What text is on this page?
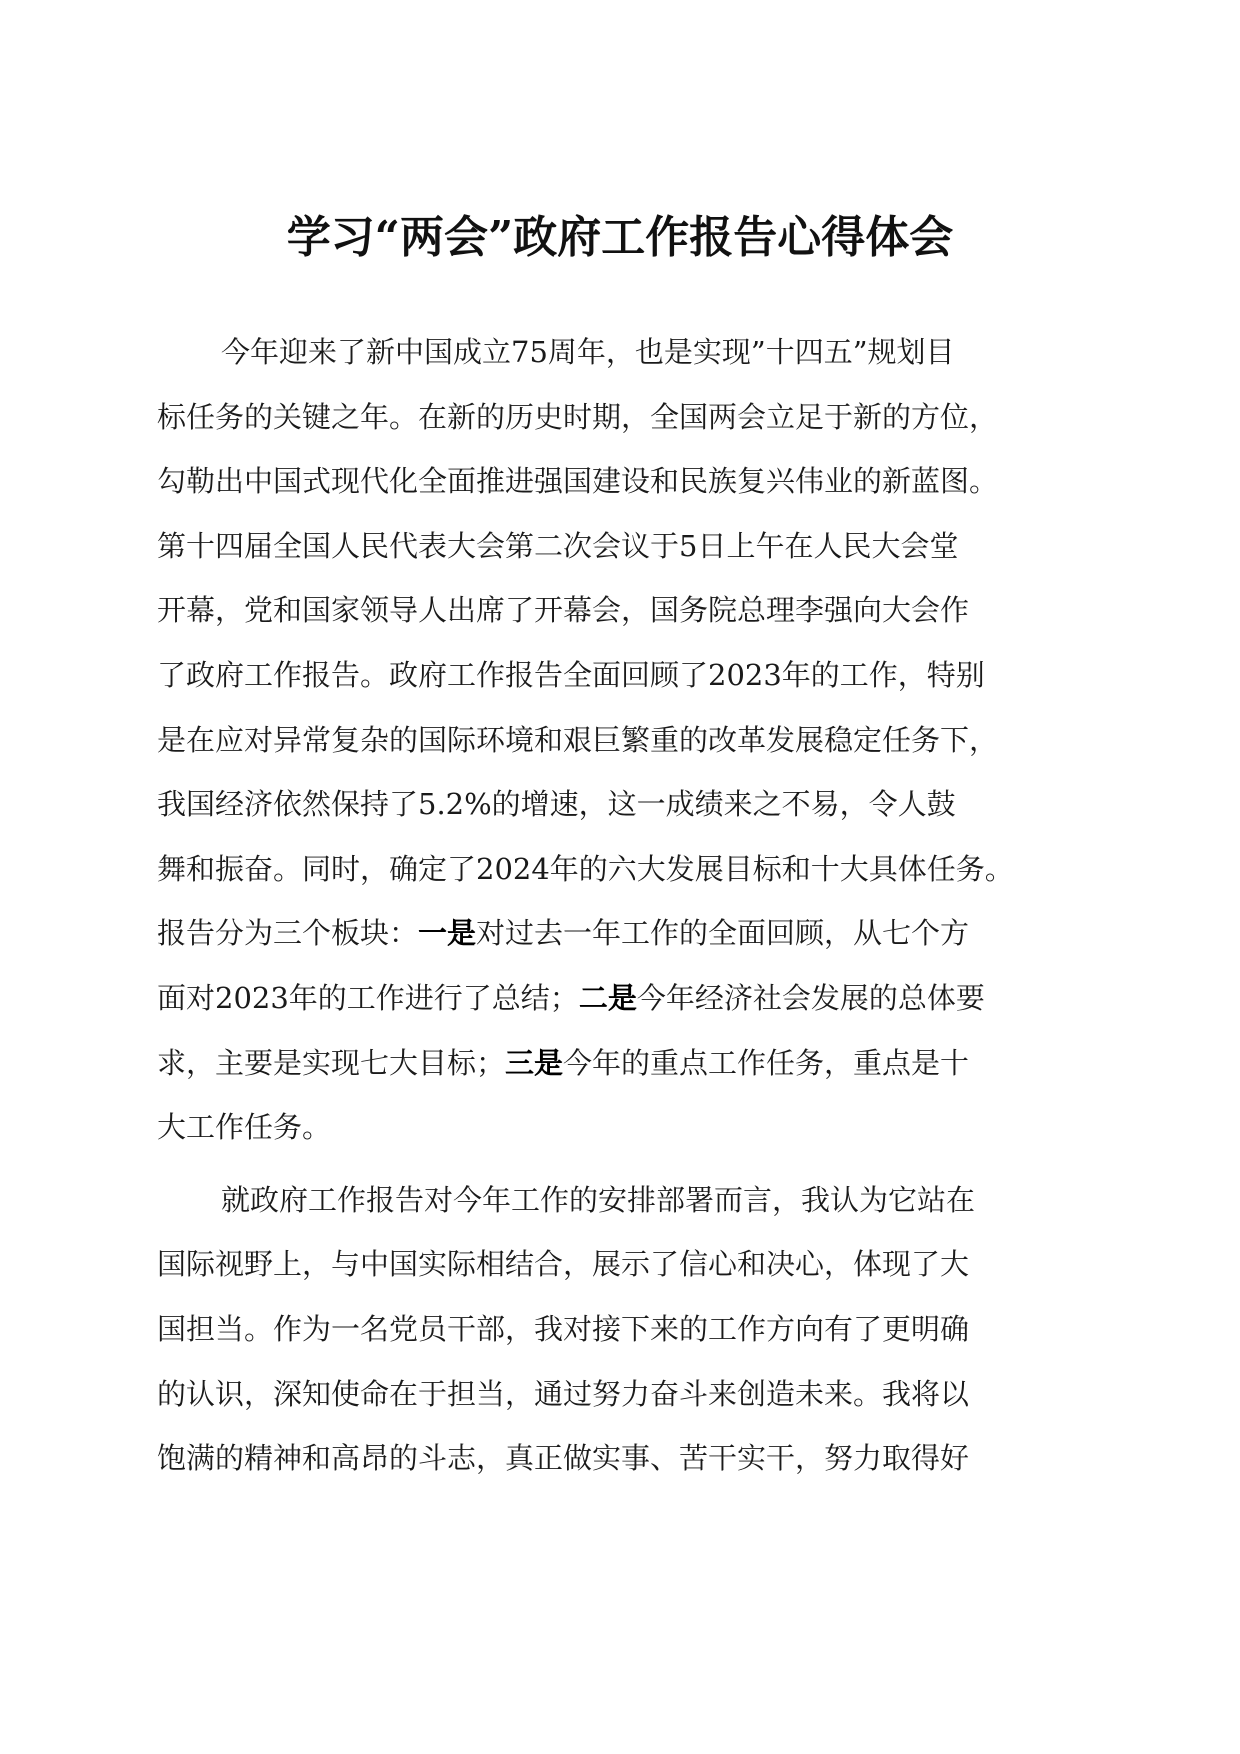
学习“两会”政府工作报告心得体会

今年迎来了新中国成立75周年，也是实现”十四五”规划目

标任务的关键之年。在新的历史时期，全国两会立足于新的方位，

勾勒出中国式现代化全面推进强国建设和民族复兴伟业的新蓝图。

第十四届全国人民代表大会第二次会议于5日上午在人民大会堂

开幕，党和国家领导人出席了开幕会，国务院总理李强向大会作

了政府工作报告。政府工作报告全面回顾了2023年的工作，特别

是在应对异常复杂的国际环境和艰巨繁重的改革发展稳定任务下，

我国经济依然保持了5.2%的增速，这一成绩来之不易，令人鼓

舞和振奋。同时，确定了2024年的六大发展目标和十大具体任务。

报告分为三个板块：一是对过去一年工作的全面回顾，从七个方

面对2023年的工作进行了总结；二是今年经济社会发展的总体要

求，主要是实现七大目标；三是今年的重点工作任务，重点是十

大工作任务。

就政府工作报告对今年工作的安排部署而言，我认为它站在

国际视野上，与中国实际相结合，展示了信心和决心，体现了大

国担当。作为一名党员干部，我对接下来的工作方向有了更明确

的认识，深知使命在于担当，通过努力奋斗来创造未来。我将以

饱满的精神和高昂的斗志，真正做实事、苦干实干，努力取得好
